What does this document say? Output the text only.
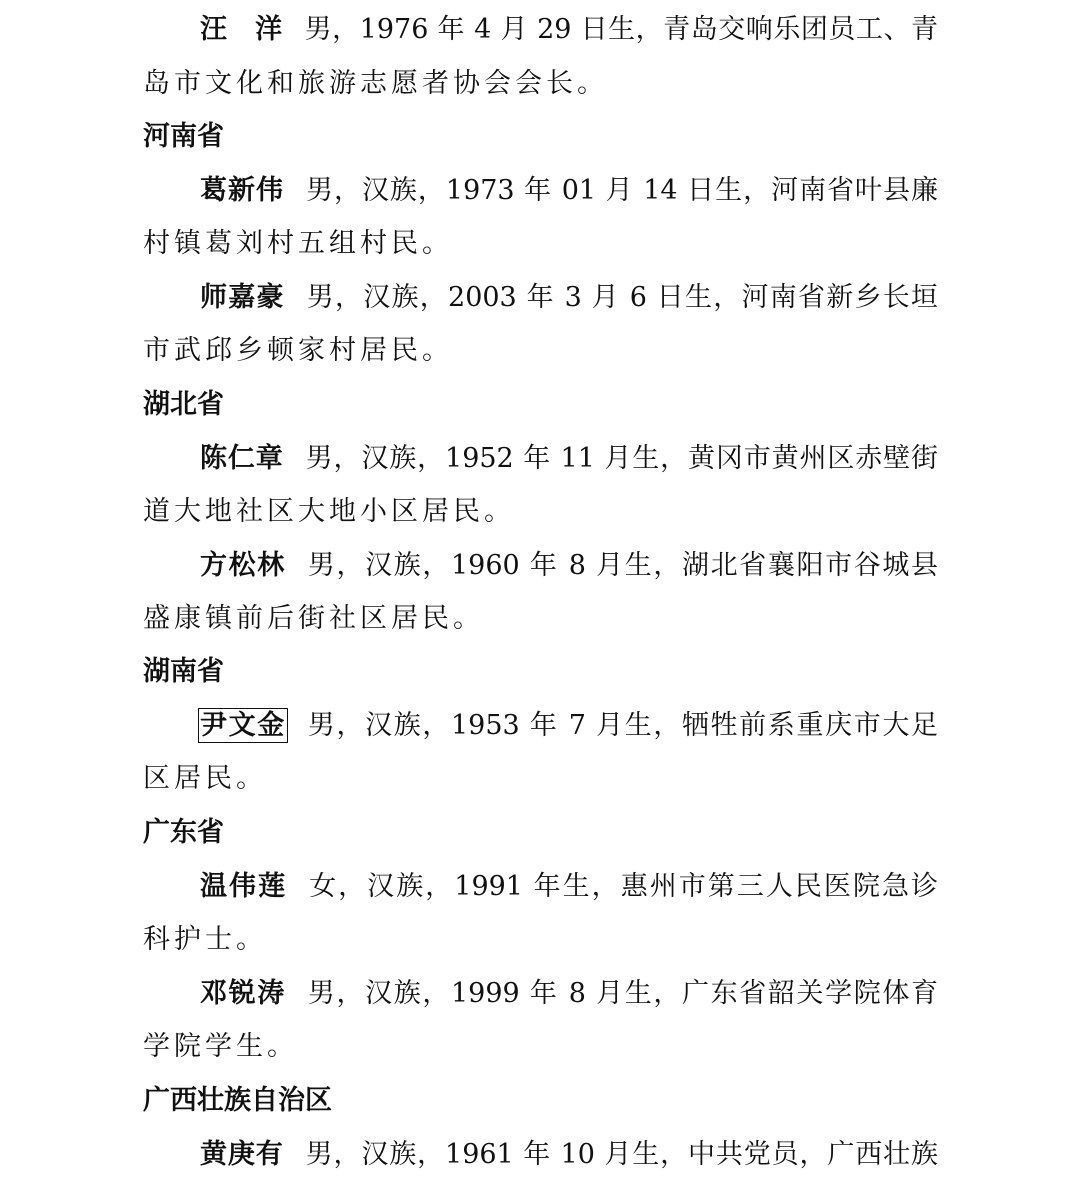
汪　洋 男，1976 年 4 月 29 日生，青岛交响乐团员工、青
岛市文化和旅游志愿者协会会长。
河南省
葛新伟 男，汉族，1973 年 01 月 14 日生，河南省叶县廉
村镇葛刘村五组村民。
师嘉豪 男，汉族，2003 年 3 月 6 日生，河南省新乡长垣
市武邱乡顿家村居民。
湖北省
陈仁章 男，汉族，1952 年 11 月生，黄冈市黄州区赤壁街
道大地社区大地小区居民。
方松林 男，汉族，1960 年 8 月生，湖北省襄阳市谷城县
盛康镇前后街社区居民。
湖南省
尹文金 男，汉族，1953 年 7 月生，牺牲前系重庆市大足
区居民。
广东省
温伟莲 女，汉族，1991 年生，惠州市第三人民医院急诊
科护士。
邓锐涛 男，汉族，1999 年 8 月生，广东省韶关学院体育
学院学生。
广西壮族自治区
黄庚有 男，汉族，1961 年 10 月生，中共党员，广西壮族
